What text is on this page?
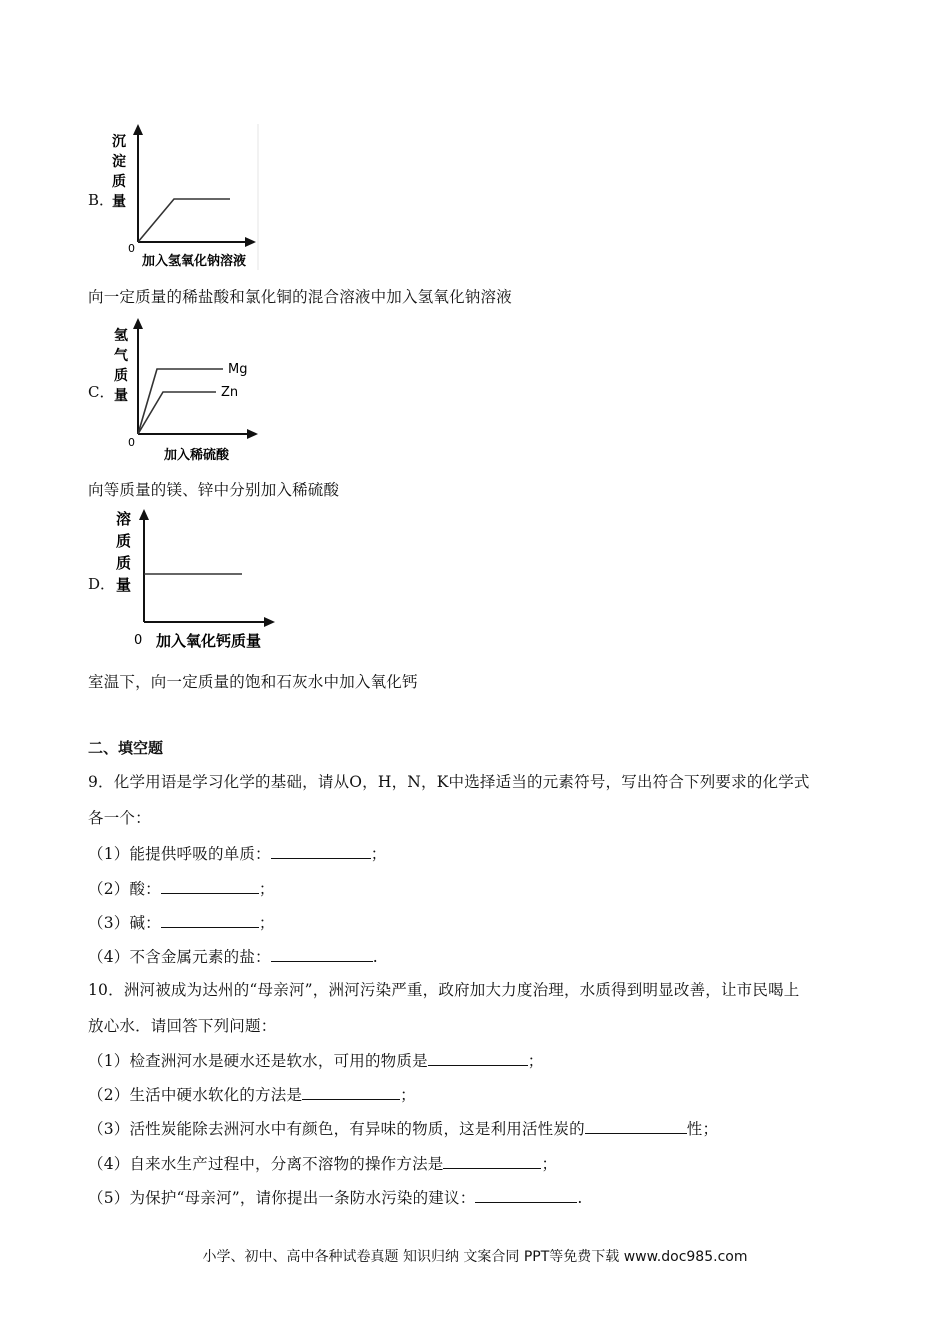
B．
0
沉
淀
质
量
加入氢氧化钠溶液
向一定质量的稀盐酸和氯化铜的混合溶液中加入氢氧化钠溶液
C．
Mg
Zn
0
氢
气
质
量
加入稀硫酸
向等质量的镁、锌中分别加入稀硫酸
D．
0
溶
质
质
量
加入氧化钙质量
室温下，向一定质量的饱和石灰水中加入氧化钙
二、填空题
9．化学用语是学习化学的基础，请从O，H，N，K中选择适当的元素符号，写出符合下列要求的化学式
各一个：
（1）能提供呼吸的单质：	；
（2）酸：	；
（3）碱：	；
（4）不含金属元素的盐：	.
10．洲河被成为达州的“母亲河”，洲河污染严重，政府加大力度治理，水质得到明显改善，让市民喝上
放心水．请回答下列问题：
（1）检查洲河水是硬水还是软水，可用的物质是	；
（2）生活中硬水软化的方法是	；
（3）活性炭能除去洲河水中有颜色，有异味的物质，这是利用活性炭的	性；
（4）自来水生产过程中，分离不溶物的操作方法是	；
（5）为保护“母亲河”，请你提出一条防水污染的建议：	.
小学、初中、高中各种试卷真题 知识归纳 文案合同 PPT等免费下载 www.doc985.com
